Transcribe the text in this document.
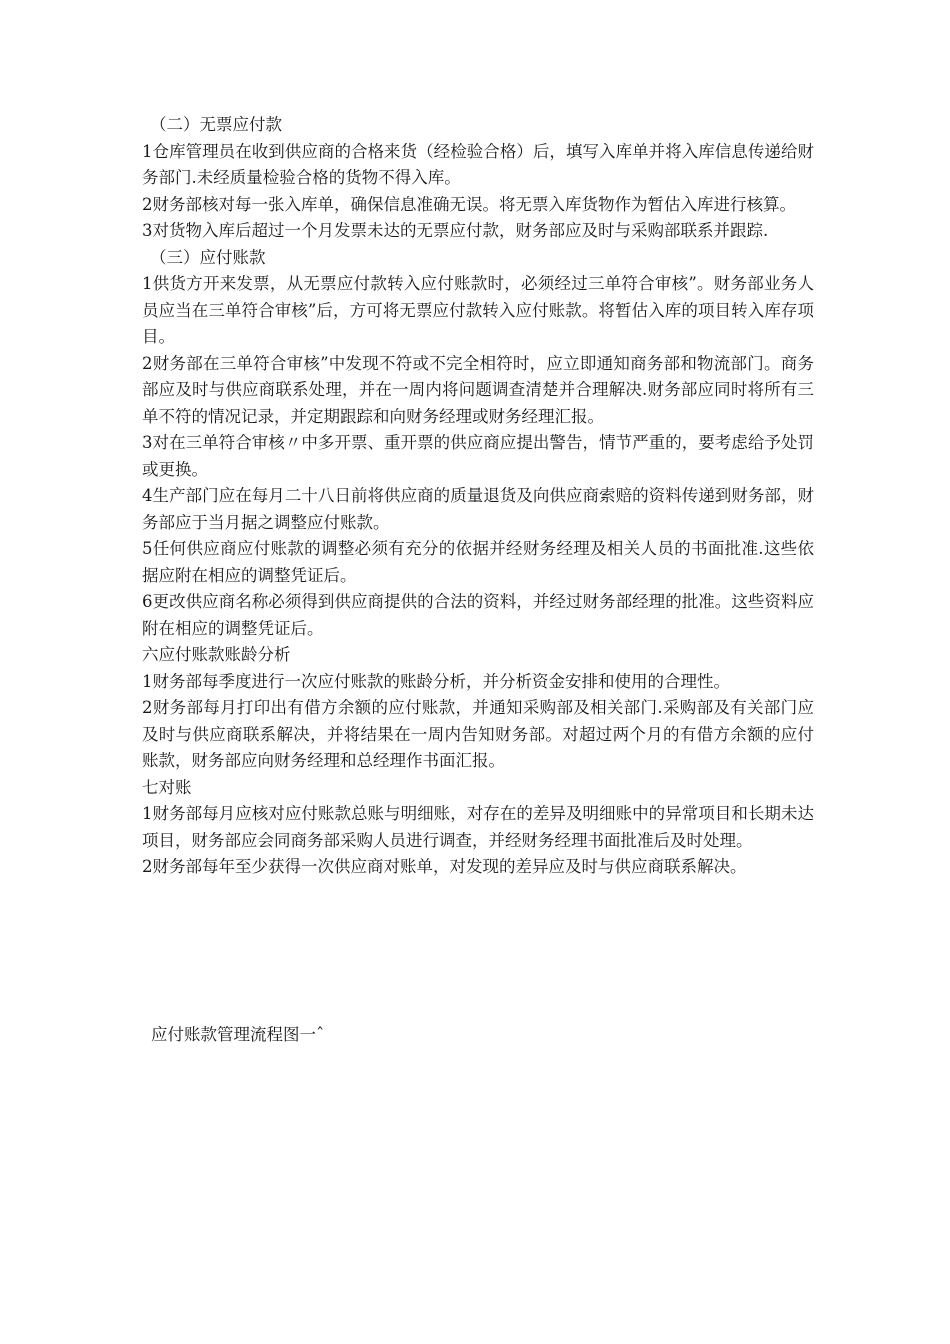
（二）无票应付款

1仓库管理员在收到供应商的合格来货（经检验合格）后，填写入库单并将入库信息传递给财务部门.未经质量检验合格的货物不得入库。

2财务部核对每一张入库单，确保信息准确无误。将无票入库货物作为暂估入库进行核算。

3对货物入库后超过一个月发票未达的无票应付款，财务部应及时与采购部联系并跟踪.

（三）应付账款

1供货方开来发票，从无票应付款转入应付账款时，必须经过三单符合审核”。财务部业务人员应当在三单符合审核”后，方可将无票应付款转入应付账款。将暂估入库的项目转入库存项目。

2财务部在三单符合审核”中发现不符或不完全相符时，应立即通知商务部和物流部门。商务部应及时与供应商联系处理，并在一周内将问题调查清楚并合理解决.财务部应同时将所有三单不符的情况记录，并定期跟踪和向财务经理或财务经理汇报。

3对在三单符合审核〃中多开票、重开票的供应商应提出警告，情节严重的，要考虑给予处罚或更换。

4生产部门应在每月二十八日前将供应商的质量退货及向供应商索赔的资料传递到财务部，财务部应于当月据之调整应付账款。

5任何供应商应付账款的调整必须有充分的依据并经财务经理及相关人员的书面批准.这些依据应附在相应的调整凭证后。

6更改供应商名称必须得到供应商提供的合法的资料，并经过财务部经理的批准。这些资料应附在相应的调整凭证后。

六应付账款账龄分析

1财务部每季度进行一次应付账款的账龄分析，并分析资金安排和使用的合理性。

2财务部每月打印出有借方余额的应付账款，并通知采购部及相关部门.采购部及有关部门应及时与供应商联系解决，并将结果在一周内告知财务部。对超过两个月的有借方余额的应付账款，财务部应向财务经理和总经理作书面汇报。

七对账

1财务部每月应核对应付账款总账与明细账，对存在的差异及明细账中的异常项目和长期未达项目，财务部应会同商务部采购人员进行调查，并经财务经理书面批准后及时处理。

2财务部每年至少获得一次供应商对账单，对发现的差异应及时与供应商联系解决。

应付账款管理流程图一ˆ
